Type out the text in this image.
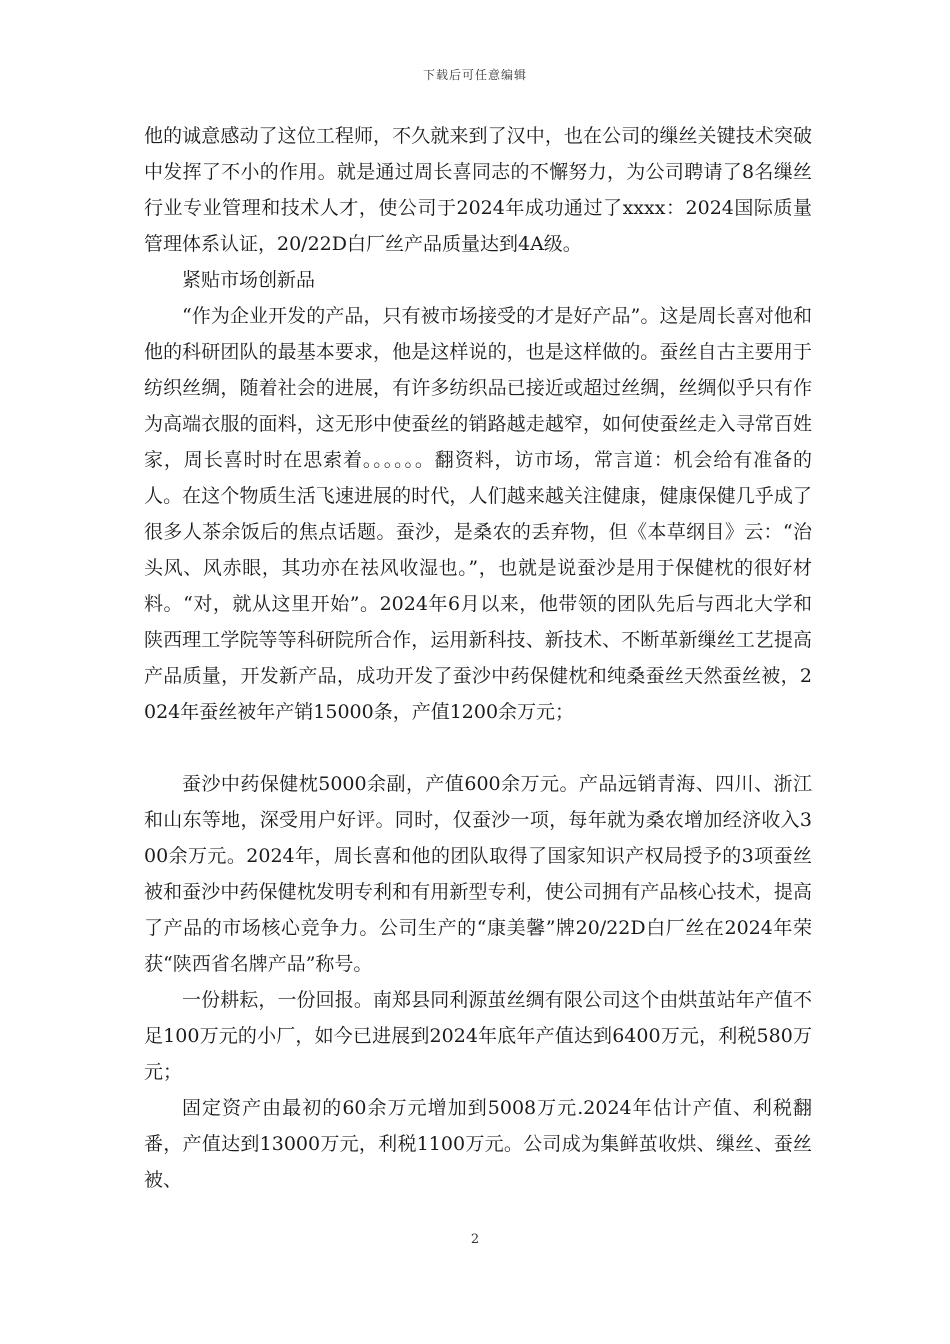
下载后可任意编辑

他的诚意感动了这位工程师，不久就来到了汉中，也在公司的缫丝关键技术突破中发挥了不小的作用。就是通过周长喜同志的不懈努力，为公司聘请了8名缫丝行业专业管理和技术人才，使公司于2024年成功通过了xxxx：2024国际质量管理体系认证，20/22D白厂丝产品质量达到4A级。

紧贴市场创新品

“作为企业开发的产品，只有被市场接受的才是好产品”。这是周长喜对他和他的科研团队的最基本要求，他是这样说的，也是这样做的。蚕丝自古主要用于纺织丝绸，随着社会的进展，有许多纺织品已接近或超过丝绸，丝绸似乎只有作为高端衣服的面料，这无形中使蚕丝的销路越走越窄，如何使蚕丝走入寻常百姓家，周长喜时时在思索着。。。。。。翻资料，访市场，常言道：机会给有准备的人。在这个物质生活飞速进展的时代，人们越来越关注健康，健康保健几乎成了很多人茶余饭后的焦点话题。蚕沙，是桑农的丢弃物，但《本草纲目》云：“治头风、风赤眼，其功亦在祛风收湿也。”，也就是说蚕沙是用于保健枕的很好材料。“对，就从这里开始”。2024年6月以来，他带领的团队先后与西北大学和陕西理工学院等等科研院所合作，运用新科技、新技术、不断革新缫丝工艺提高产品质量，开发新产品，成功开发了蚕沙中药保健枕和纯桑蚕丝天然蚕丝被，2024年蚕丝被年产销15000条，产值1200余万元；

蚕沙中药保健枕5000余副，产值600余万元。产品远销青海、四川、浙江和山东等地，深受用户好评。同时，仅蚕沙一项，每年就为桑农增加经济收入300余万元。2024年，周长喜和他的团队取得了国家知识产权局授予的3项蚕丝被和蚕沙中药保健枕发明专利和有用新型专利，使公司拥有产品核心技术，提高了产品的市场核心竞争力。公司生产的“康美馨”牌20/22D白厂丝在2024年荣获“陕西省名牌产品”称号。

一份耕耘，一份回报。南郑县同利源茧丝绸有限公司这个由烘茧站年产值不足100万元的小厂，如今已进展到2024年底年产值达到6400万元，利税580万元；

固定资产由最初的60余万元增加到5008万元.2024年估计产值、利税翻番，产值达到13000万元，利税1100万元。公司成为集鲜茧收烘、缫丝、蚕丝被、

2
